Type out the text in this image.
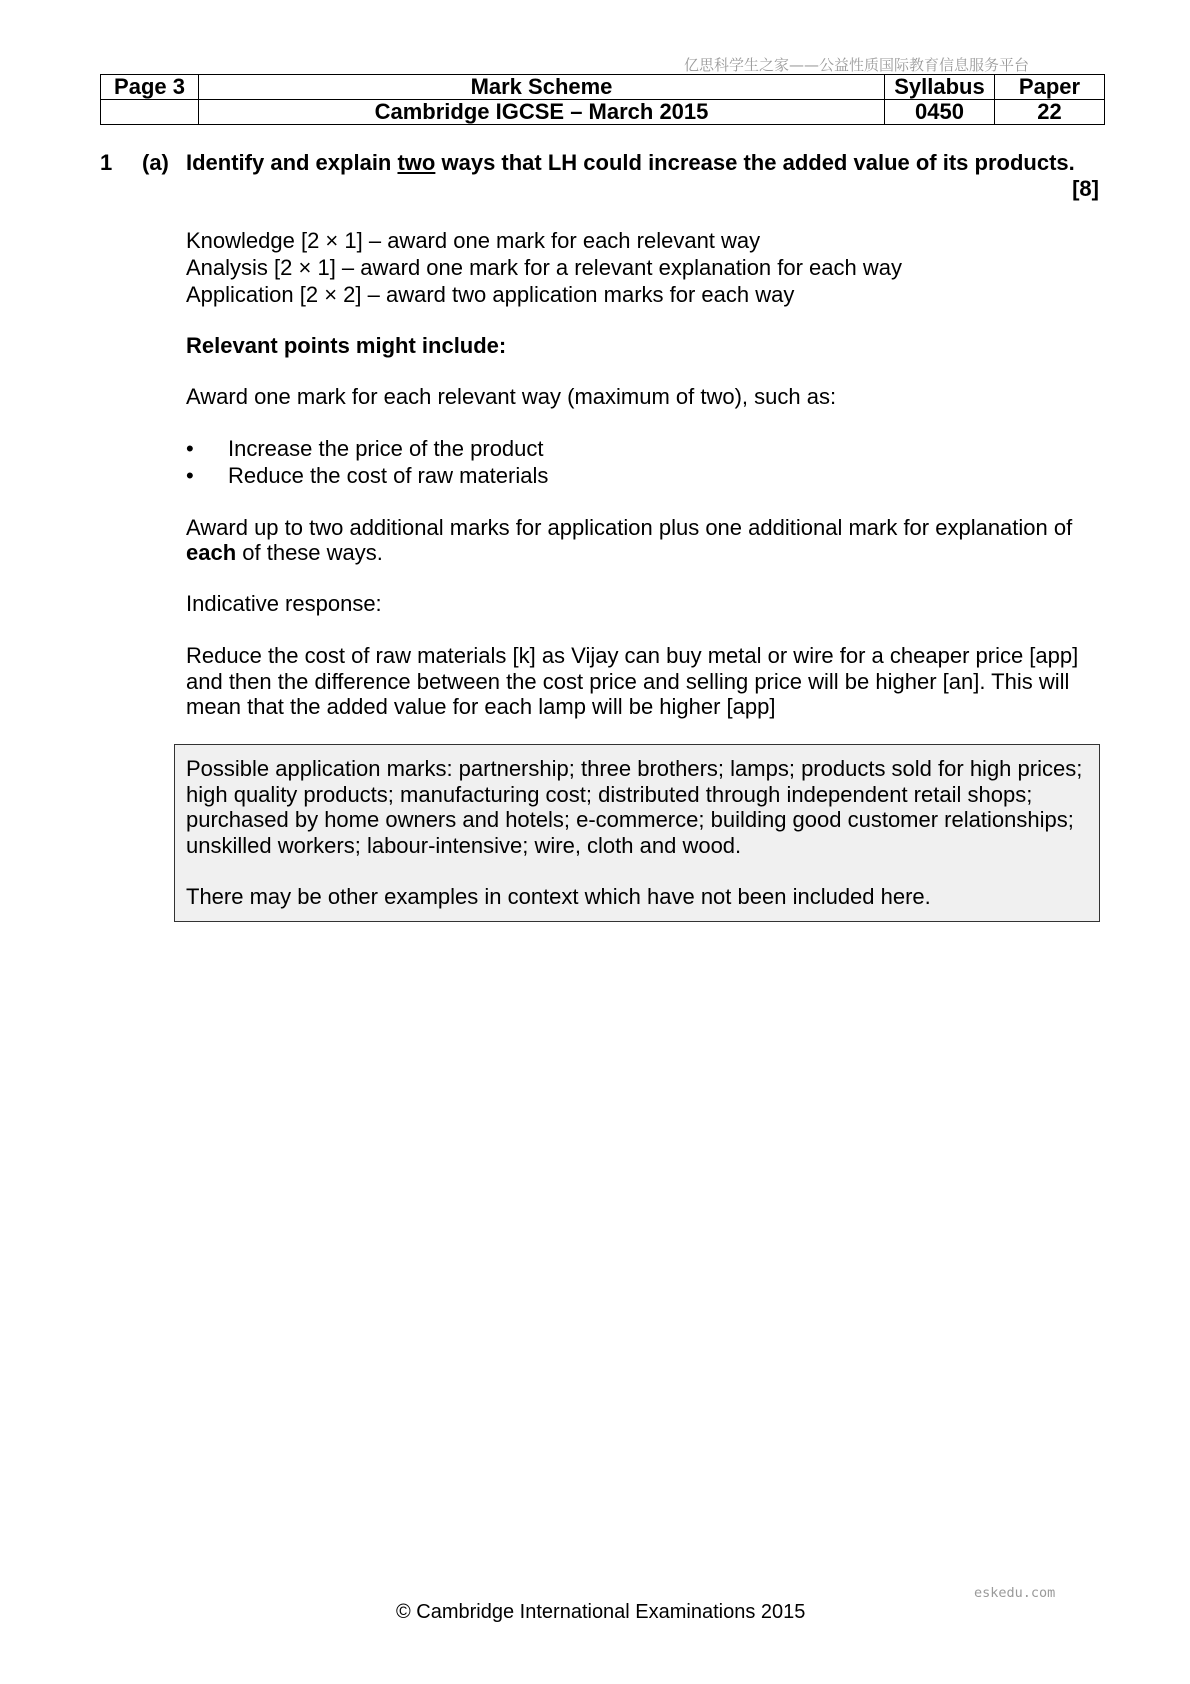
亿思科学生之家——公益性质国际教育信息服务平台
Page 3	Mark Scheme	Syllabus	Paper
	Cambridge IGCSE – March 2015	0450	22
1 (a) Identify and explain two ways that LH could increase the added value of its products.
[8]
Knowledge [2 × 1] – award one mark for each relevant way
Analysis [2 × 1] – award one mark for a relevant explanation for each way
Application [2 × 2] – award two application marks for each way
Relevant points might include:
Award one mark for each relevant way (maximum of two), such as:
• Increase the price of the product
• Reduce the cost of raw materials
Award up to two additional marks for application plus one additional mark for explanation of
each of these ways.
Indicative response:
Reduce the cost of raw materials [k] as Vijay can buy metal or wire for a cheaper price [app]
and then the difference between the cost price and selling price will be higher [an]. This will
mean that the added value for each lamp will be higher [app]
Possible application marks: partnership; three brothers; lamps; products sold for high prices;
high quality products; manufacturing cost; distributed through independent retail shops;
purchased by home owners and hotels; e-commerce; building good customer relationships;
unskilled workers; labour-intensive; wire, cloth and wood.
There may be other examples in context which have not been included here.
eskedu.com
© Cambridge International Examinations 2015
